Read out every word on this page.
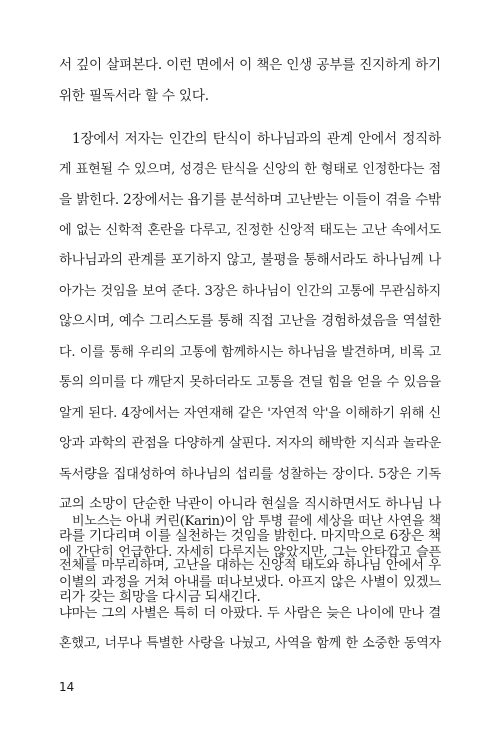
서 깊이 살펴본다. 이런 면에서 이 책은 인생 공부를 진지하게 하기
위한 필독서라 할 수 있다.
1장에서 저자는 인간의 탄식이 하나님과의 관계 안에서 정직하
게 표현될 수 있으며, 성경은 탄식을 신앙의 한 형태로 인정한다는 점
을 밝힌다. 2장에서는 욥기를 분석하며 고난받는 이들이 겪을 수밖
에 없는 신학적 혼란을 다루고, 진정한 신앙적 태도는 고난 속에서도
하나님과의 관계를 포기하지 않고, 불평을 통해서라도 하나님께 나
아가는 것임을 보여 준다. 3장은 하나님이 인간의 고통에 무관심하지
않으시며, 예수 그리스도를 통해 직접 고난을 경험하셨음을 역설한
다. 이를 통해 우리의 고통에 함께하시는 하나님을 발견하며, 비록 고
통의 의미를 다 깨닫지 못하더라도 고통을 견딜 힘을 얻을 수 있음을
알게 된다. 4장에서는 자연재해 같은 '자연적 악'을 이해하기 위해 신
앙과 과학의 관점을 다양하게 살핀다. 저자의 해박한 지식과 놀라운
독서량을 집대성하여 하나님의 섭리를 성찰하는 장이다. 5장은 기독
교의 소망이 단순한 낙관이 아니라 현실을 직시하면서도 하나님 나
라를 기다리며 이를 실천하는 것임을 밝힌다. 마지막으로 6장은 책
전체를 마무리하며, 고난을 대하는 신앙적 태도와 하나님 안에서 우
리가 갖는 희망을 다시금 되새긴다.
비노스는 아내 커린(Karin)이 암 투병 끝에 세상을 떠난 사연을 책
에 간단히 언급한다. 자세히 다루지는 않았지만, 그는 안타깝고 슬픈
이별의 과정을 거쳐 아내를 떠나보냈다. 아프지 않은 사별이 있겠느
냐마는 그의 사별은 특히 더 아팠다. 두 사람은 늦은 나이에 만나 결
혼했고, 너무나 특별한 사랑을 나눴고, 사역을 함께 한 소중한 동역자
14
